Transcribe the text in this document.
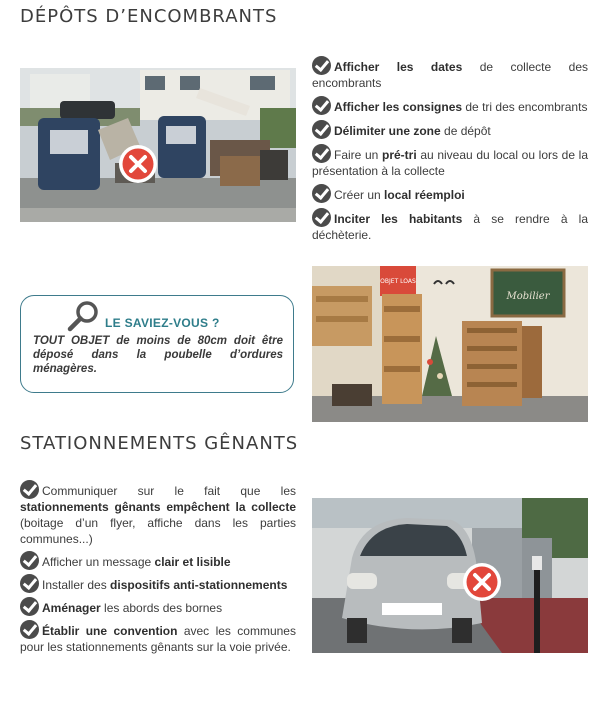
DÉPÔTS D’ENCOMBRANTS
Afficher les dates de collecte des encombrants
Afficher les consignes de tri des encombrants
Délimiter une zone de dépôt
Faire un pré-tri au niveau du local ou lors de la présentation à la collecte
Créer un local réemploi
Inciter les habitants à se rendre à la déchèterie.
LE SAVIEZ-VOUS ?

TOUT OBJET de moins de 80cm doit être déposé dans la poubelle d’ordures ménagères.

OBJET LOAS
Mobilier
STATIONNEMENTS GÊNANTS
Communiquer sur le fait que les stationnements gênants empêchent la collecte (boitage d’un flyer, affiche dans les parties communes...)
Afficher un message clair et lisible
Installer des dispositifs anti-stationnements
Aménager les abords des bornes
Établir une convention avec les communes pour les stationnements gênants sur la voie privée.
